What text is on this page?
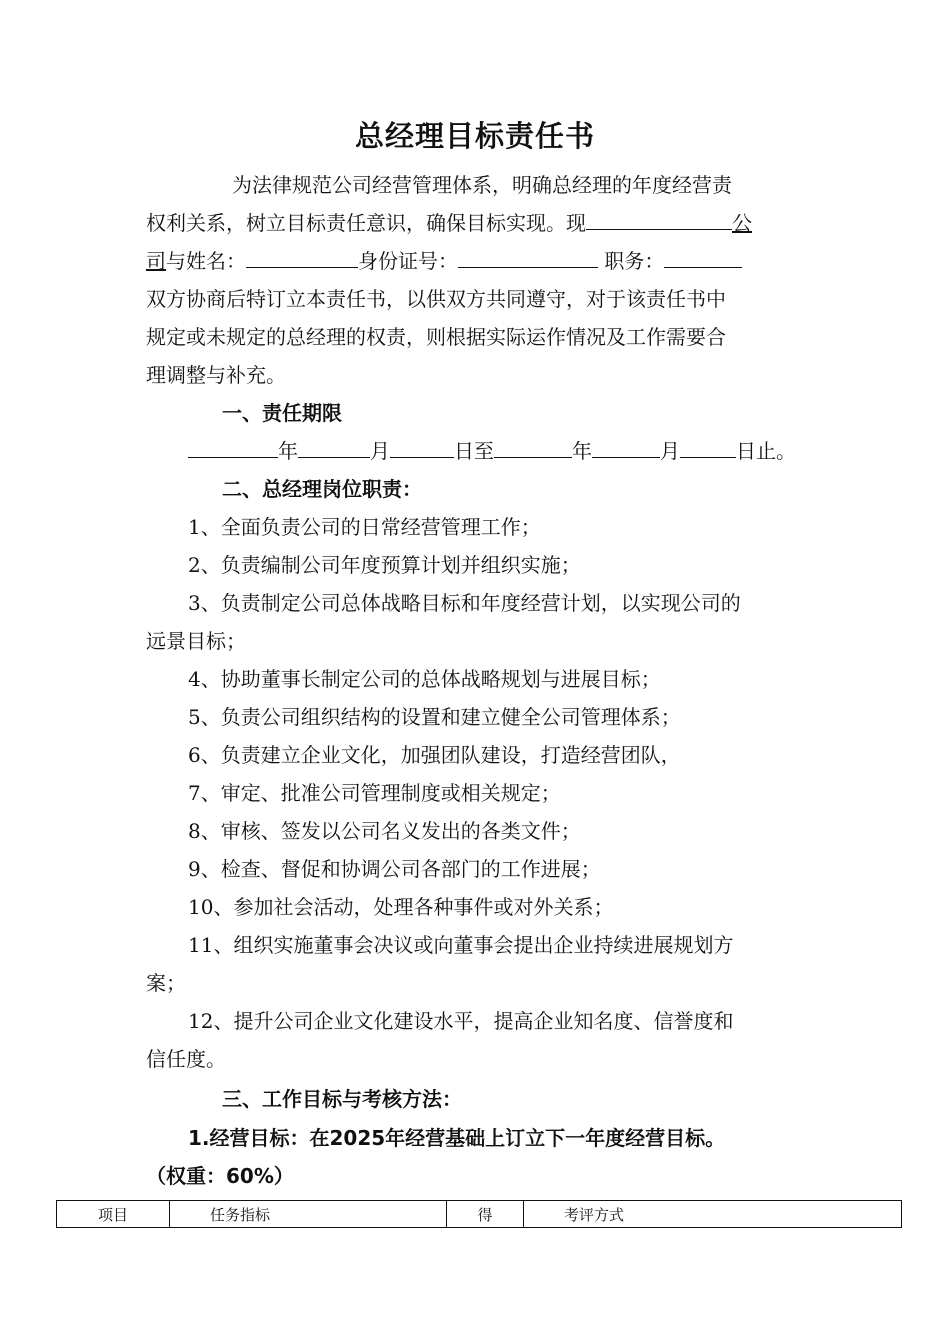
总经理目标责任书
为法律规范公司经营管理体系，明确总经理的年度经营责
权利关系，树立目标责任意识，确保目标实现。现	公
司与姓名：	身份证号：	职务：
双方协商后特订立本责任书，以供双方共同遵守，对于该责任书中
规定或未规定的总经理的权责，则根据实际运作情况及工作需要合
理调整与补充。
一、责任期限
年	月	日至	年	月	日止。
二、总经理岗位职责：
1、全面负责公司的日常经营管理工作；
2、负责编制公司年度预算计划并组织实施；
3、负责制定公司总体战略目标和年度经营计划，以实现公司的
远景目标；
4、协助董事长制定公司的总体战略规划与进展目标；
5、负责公司组织结构的设置和建立健全公司管理体系；
6、负责建立企业文化，加强团队建设，打造经营团队，
7、审定、批准公司管理制度或相关规定；
8、审核、签发以公司名义发出的各类文件；
9、检查、督促和协调公司各部门的工作进展；
10、参加社会活动，处理各种事件或对外关系；
11、组织实施董事会决议或向董事会提出企业持续进展规划方
案；
12、提升公司企业文化建设水平，提高企业知名度、信誉度和
信任度。
三、工作目标与考核方法：
1.经营目标：在2025年经营基础上订立下一年度经营目标。
（权重：60%）
项目	任务指标	得	考评方式
